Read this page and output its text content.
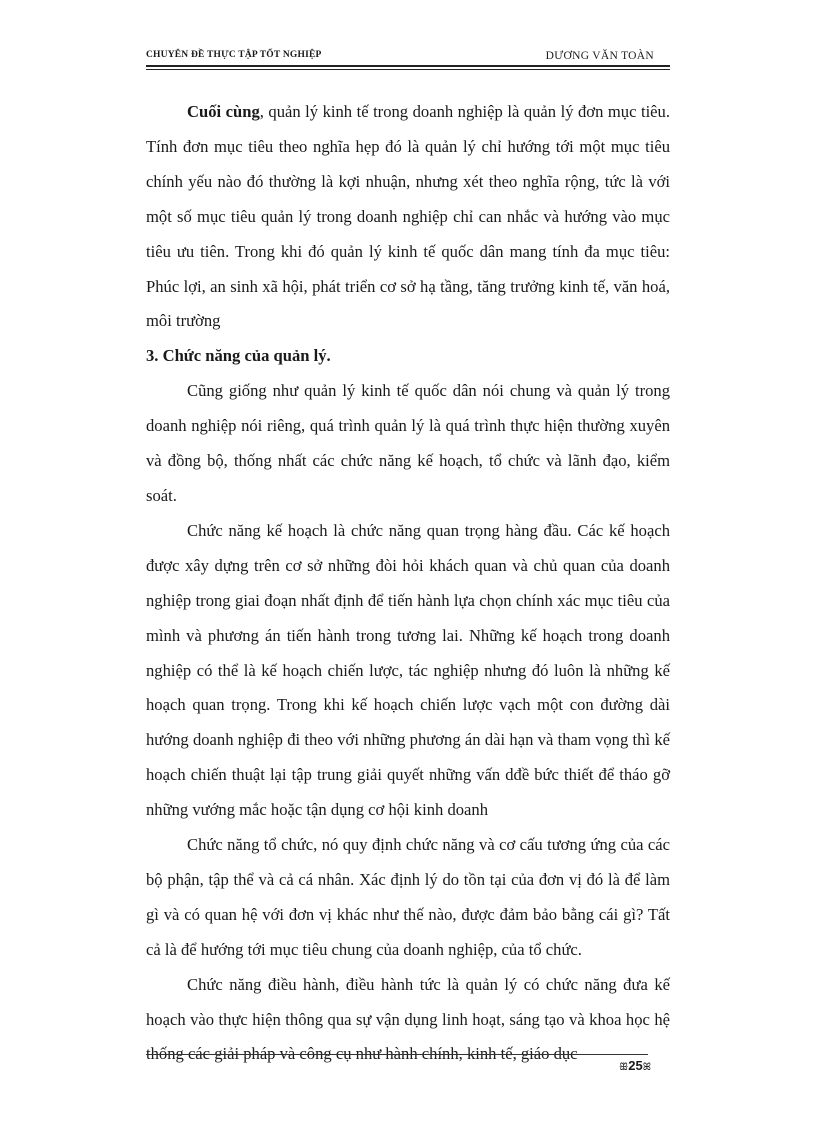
CHUYÊN ĐỀ THỰC TẬP TỐT NGHIỆP	DƯƠNG VĂN TOÀN

Cuối cùng, quản lý kinh tế trong doanh nghiệp là quản lý đơn mục tiêu. Tính đơn mục tiêu theo nghĩa hẹp đó là quản lý chỉ hướng tới một mục tiêu chính yếu nào đó thường là kợi nhuận, nhưng xét theo nghĩa rộng, tức là với một số mục tiêu quản lý trong doanh nghiệp chỉ can nhắc và hướng vào mục tiêu ưu tiên. Trong khi đó quản lý kinh tế quốc dân mang tính đa mục tiêu: Phúc lợi, an sinh xã hội, phát triển cơ sở hạ tầng, tăng trưởng kinh tế, văn hoá, môi trường

3. Chức năng của quản lý.

Cũng giống như quản lý kinh tế quốc dân nói chung và quản lý trong doanh nghiệp nói riêng, quá trình quản lý là quá trình thực hiện thường xuyên và đồng bộ, thống nhất các chức năng kế hoạch, tổ chức và lãnh đạo, kiểm soát.

Chức năng kế hoạch là chức năng quan trọng hàng đầu. Các kế hoạch được xây dựng trên cơ sở những đòi hỏi khách quan và chủ quan của doanh nghiệp trong giai đoạn nhất định để tiến hành lựa chọn chính xác mục tiêu của mình và phương án tiến hành trong tương lai. Những kế hoạch trong doanh nghiệp có thể là kế hoạch chiến lược, tác nghiệp nhưng đó luôn là những kế hoạch quan trọng. Trong khi kế hoạch chiến lược vạch một con đường dài hướng doanh nghiệp đi theo với những phương án dài hạn và tham vọng thì kế hoạch chiến thuật lại tập trung giải quyết những vấn dđề bức thiết để tháo gỡ những vướng mắc hoặc tận dụng cơ hội kinh doanh

Chức năng tổ chức, nó quy định chức năng và cơ cấu tương ứng của các bộ phận, tập thể và cả cá nhân. Xác định lý do tồn tại của đơn vị đó là để làm gì và có quan hệ với đơn vị khác như thế nào, được đảm bảo bằng cái gì? Tất cả là để hướng tới mục tiêu chung của doanh nghiệp, của tổ chức.

Chức năng điều hành, điều hành tức là quản lý có chức năng đưa kế hoạch vào thực hiện thông qua sự vận dụng linh hoạt, sáng tạo và khoa học hệ thống các giải pháp và công cụ như hành chính, kinh tế, giáo dục

ꕥ25ꕤ
